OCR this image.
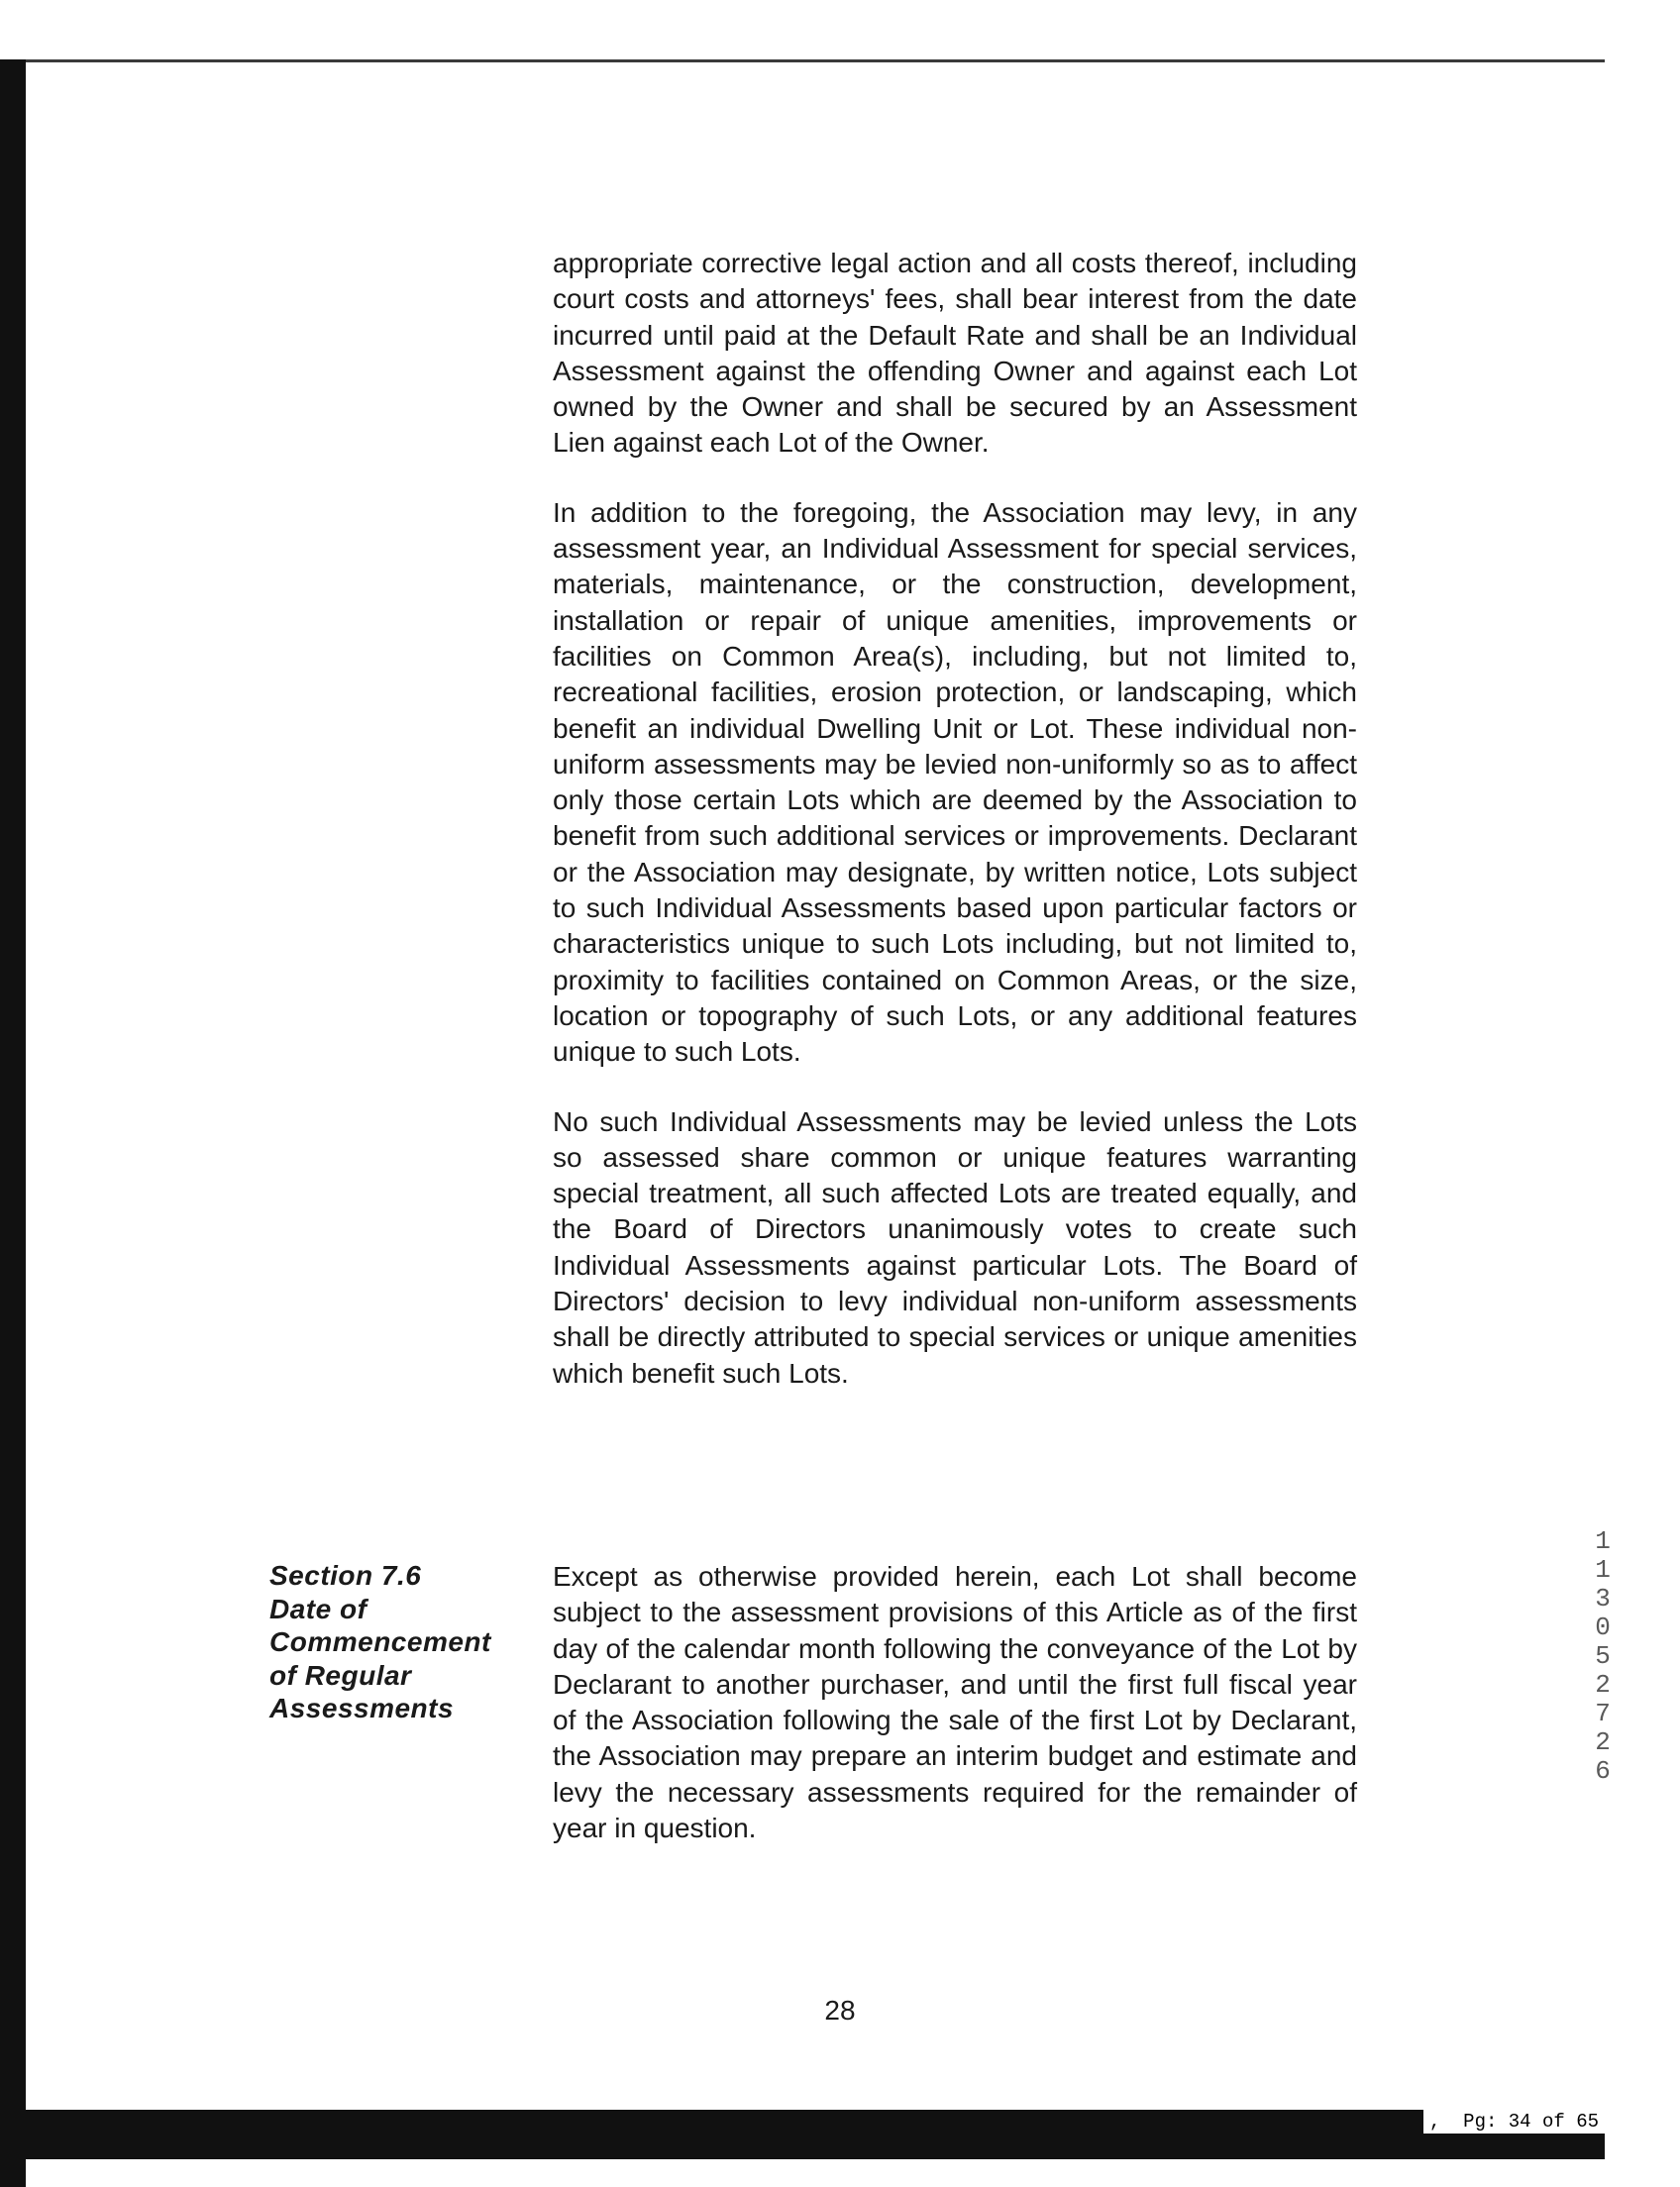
appropriate corrective legal action and all costs thereof, including court costs and attorneys' fees, shall bear interest from the date incurred until paid at the Default Rate and shall be an Individual Assessment against the offending Owner and against each Lot owned by the Owner and shall be secured by an Assessment Lien against each Lot of the Owner.

In addition to the foregoing, the Association may levy, in any assessment year, an Individual Assessment for special services, materials, maintenance, or the construction, development, installation or repair of unique amenities, improvements or facilities on Common Area(s), including, but not limited to, recreational facilities, erosion protection, or landscaping, which benefit an individual Dwelling Unit or Lot. These individual non-uniform assessments may be levied non-uniformly so as to affect only those certain Lots which are deemed by the Association to benefit from such additional services or improvements. Declarant or the Association may designate, by written notice, Lots subject to such Individual Assessments based upon particular factors or characteristics unique to such Lots including, but not limited to, proximity to facilities contained on Common Areas, or the size, location or topography of such Lots, or any additional features unique to such Lots.

No such Individual Assessments may be levied unless the Lots so assessed share common or unique features warranting special treatment, all such affected Lots are treated equally, and the Board of Directors unanimously votes to create such Individual Assessments against particular Lots. The Board of Directors' decision to levy individual non-uniform assessments shall be directly attributed to special services or unique amenities which benefit such Lots.

Section 7.6
Date of
Commencement
of Regular
Assessments

Except as otherwise provided herein, each Lot shall become subject to the assessment provisions of this Article as of the first day of the calendar month following the conveyance of the Lot by Declarant to another purchaser, and until the first full fiscal year of the Association following the sale of the first Lot by Declarant, the Association may prepare an interim budget and estimate and levy the necessary assessments required for the remainder of year in question.

28
11305 2726
,  Pg: 34 of 65
